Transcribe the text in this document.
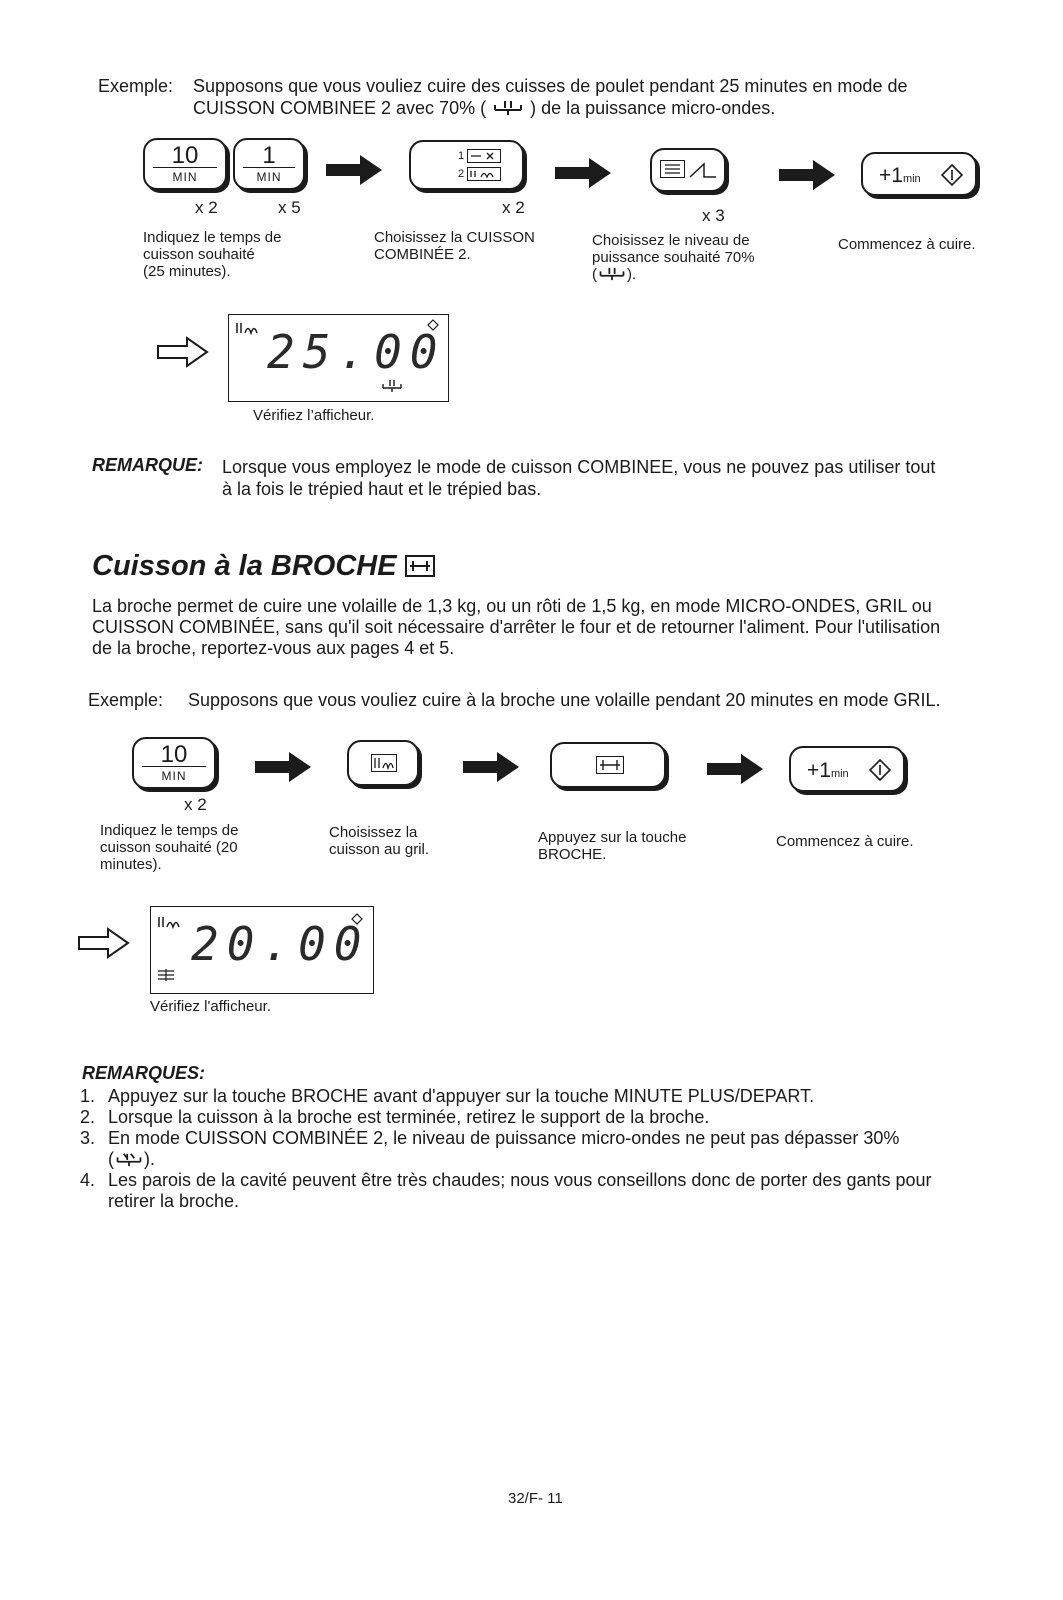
Exemple: Supposons que vous vouliez cuire des cuisses de poulet pendant 25 minutes en mode de
CUISSON COMBINEE 2 avec 70% ( ) de la puissance micro-ondes.
10
MIN
1
MIN
x 2	x 5
1
2
x 2	x 3
+1min
Indiquez le temps de
cuisson souhaité
(25 minutes).
Choisissez la CUISSON
COMBINÉE 2.
Choisissez le niveau de
puissance souhaité 70%
( ).
Commencez à cuire.
25.00
Vérifiez l’afficheur.
REMARQUE: Lorsque vous employez le mode de cuisson COMBINEE, vous ne pouvez pas utiliser tout
à la fois le trépied haut et le trépied bas.
Cuisson à la BROCHE
La broche permet de cuire une volaille de 1,3 kg, ou un rôti de 1,5 kg, en mode MICRO-ONDES, GRIL ou
CUISSON COMBINÉE, sans qu'il soit nécessaire d'arrêter le four et de retourner l'aliment. Pour l'utilisation
de la broche, reportez-vous aux pages 4 et 5.
Exemple: Supposons que vous vouliez cuire à la broche une volaille pendant 20 minutes en mode GRIL.
10
MIN
x 2
+1min
Indiquez le temps de
cuisson souhaité (20
minutes).
Choisissez la
cuisson au gril.
Appuyez sur la touche
BROCHE.
Commencez à cuire.
20.00
Vérifiez l'afficheur.
REMARQUES:
1. Appuyez sur la touche BROCHE avant d'appuyer sur la touche MINUTE PLUS/DEPART.
2. Lorsque la cuisson à la broche est terminée, retirez le support de la broche.
3. En mode CUISSON COMBINÉE 2, le niveau de puissance micro-ondes ne peut pas dépasser 30%
( ).
4. Les parois de la cavité peuvent être très chaudes; nous vous conseillons donc de porter des gants pour
retirer la broche.
32/F- 11
